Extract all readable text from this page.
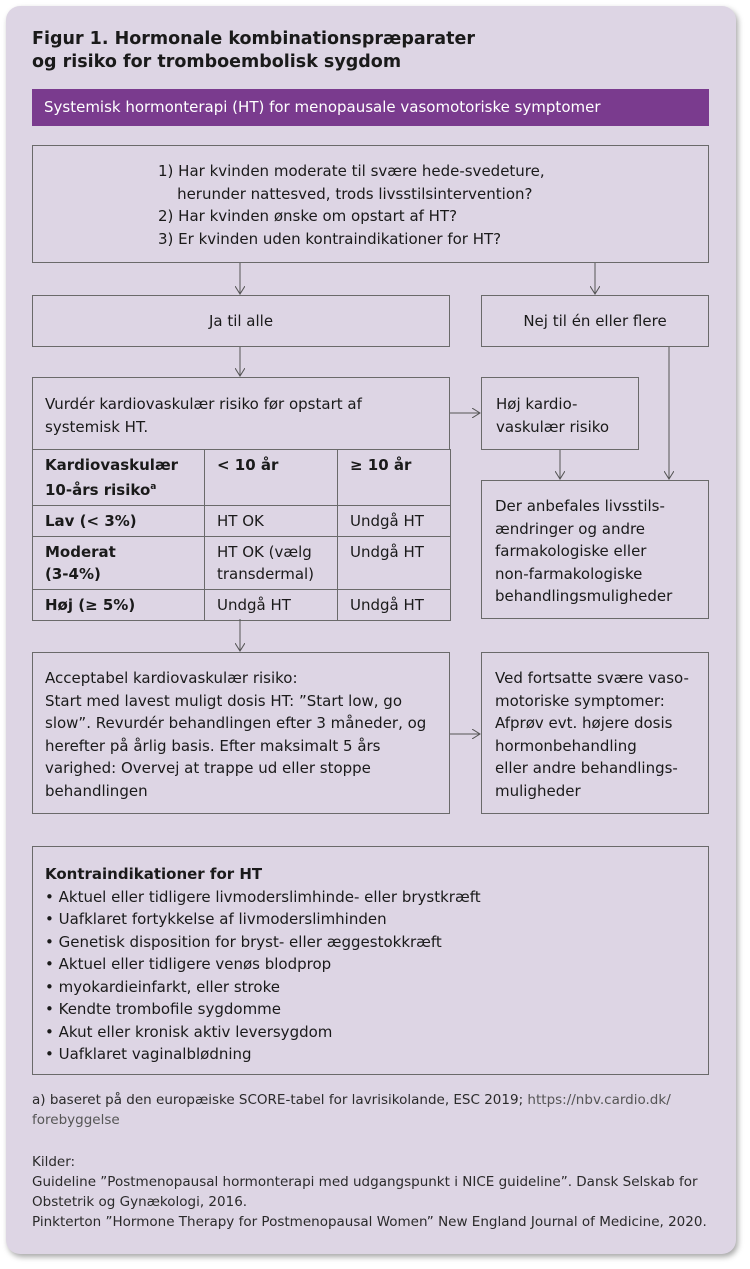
Figur 1. Hormonale kombinationspræparater
og risiko for tromboembolisk sygdom
Systemisk hormonterapi (HT) for menopausale vasomotoriske symptomer
1) Har kvinden moderate til svære hede-svedeture,
herunder nattesved, trods livsstilsintervention?
2) Har kvinden ønske om opstart af HT?
3) Er kvinden uden kontraindikationer for HT?
Ja til alle	Nej til én eller flere
Vurdér kardiovaskulær risiko før opstart af
systemisk HT.
Høj kardio-
vaskulær risiko
Kardiovaskulær
10-års risiko$^a$	< 10 år	≥ 10 år
Lav (< 3%)	HT OK	Undgå HT
Moderat
(3-4%)	HT OK (vælg
transdermal)	Undgå HT
Høj (≥ 5%)	Undgå HT	Undgå HT
Der anbefales livsstils-
ændringer og andre
farmakologiske eller
non-farmakologiske
behandlingsmuligheder
Acceptabel kardiovaskulær risiko:
Start med lavest muligt dosis HT: ”Start low, go
slow”. Revurdér behandlingen efter 3 måneder, og
herefter på årlig basis. Efter maksimalt 5 års
varighed: Overvej at trappe ud eller stoppe
behandlingen
Ved fortsatte svære vaso-
motoriske symptomer:
Afprøv evt. højere dosis
hormonbehandling
eller andre behandlings-
muligheder
Kontraindikationer for HT
• Aktuel eller tidligere livmoderslimhinde- eller brystkræft
• Uafklaret fortykkelse af livmoderslimhinden
• Genetisk disposition for bryst- eller æggestokkræft
• Aktuel eller tidligere venøs blodprop
• myokardieinfarkt, eller stroke
• Kendte trombofile sygdomme
• Akut eller kronisk aktiv leversygdom
• Uafklaret vaginalblødning
a) baseret på den europæiske SCORE-tabel for lavrisikolande, ESC 2019; https://nbv.cardio.dk/
forebyggelse
Kilder:
Guideline ”Postmenopausal hormonterapi med udgangspunkt i NICE guideline”. Dansk Selskab for
Obstetrik og Gynækologi, 2016.
Pinkterton ”Hormone Therapy for Postmenopausal Women” New England Journal of Medicine, 2020.
